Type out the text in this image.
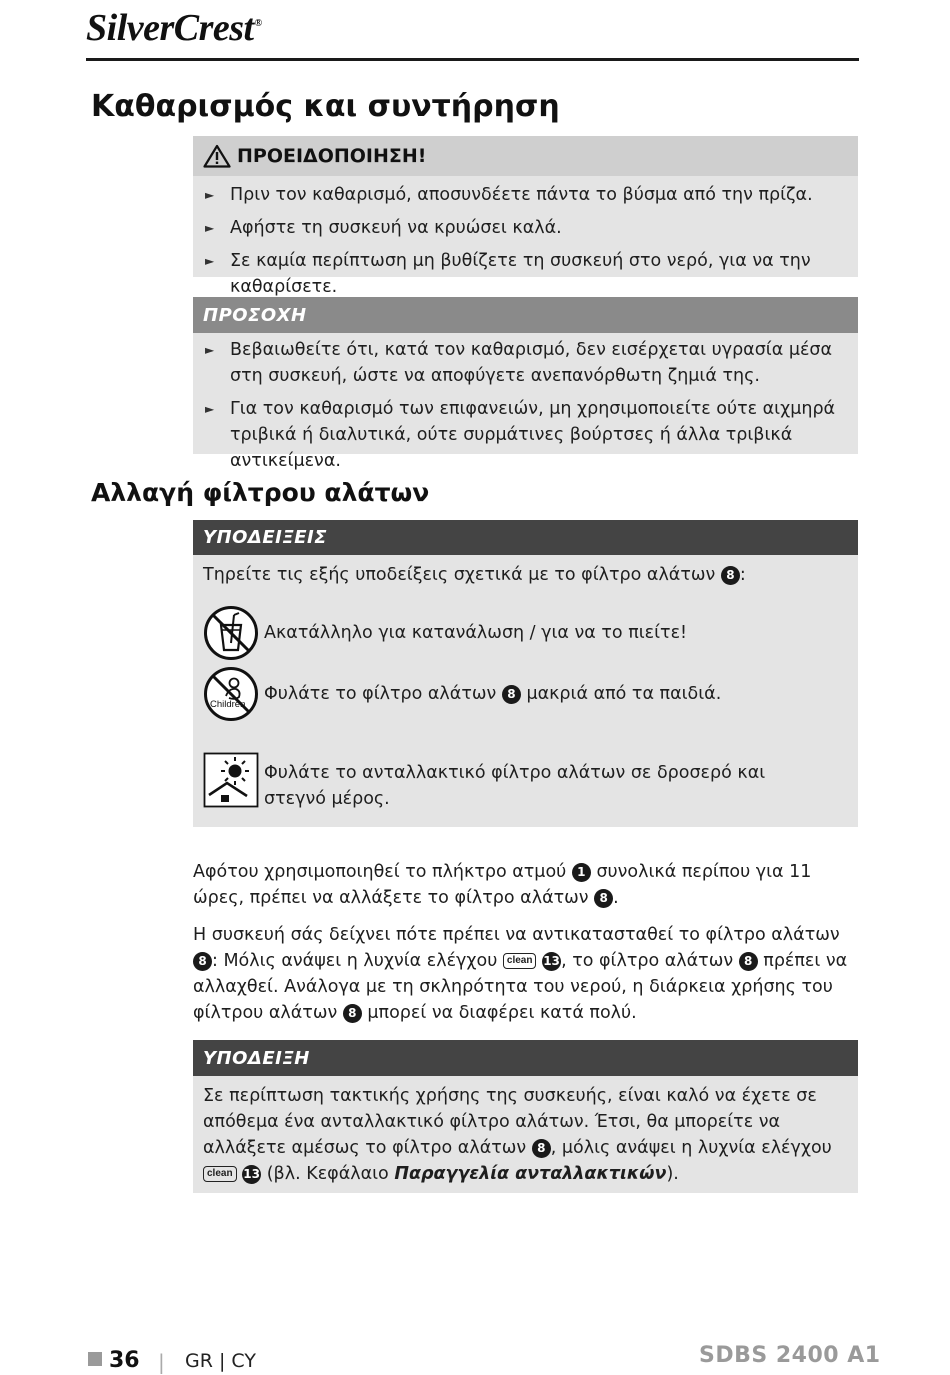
SilverCrest®
Καθαρισμός και συντήρηση
ΠΡΟΕΙΔΟΠΟΙΗΣΗ!
► Πριν τον καθαρισμό, αποσυνδέετε πάντα το βύσμα από την πρίζα.
► Αφήστε τη συσκευή να κρυώσει καλά.
► Σε καμία περίπτωση μη βυθίζετε τη συσκευή στο νερό, για να την καθαρίσετε.
ΠΡΟΣΟΧΗ
► Βεβαιωθείτε ότι, κατά τον καθαρισμό, δεν εισέρχεται υγρασία μέσα στη συσκευή, ώστε να αποφύγετε ανεπανόρθωτη ζημιά της.
► Για τον καθαρισμό των επιφανειών, μη χρησιμοποιείτε ούτε αιχμηρά τριβικά ή διαλυτικά, ούτε συρμάτινες βούρτσες ή άλλα τριβικά αντικείμενα.
Αλλαγή φίλτρου αλάτων
ΥΠΟΔΕΙΞΕΙΣ

Τηρείτε τις εξής υποδείξεις σχετικά με το φίλτρο αλάτων 8 :

Ακατάλληλο για κατανάλωση / για να το πιείτε!
Children
Φυλάτε το φίλτρο αλάτων 8 μακριά από τα παιδιά.
Φυλάτε το ανταλλακτικό φίλτρο αλάτων σε δροσερό και στεγνό μέρος.

Αφότου χρησιμοποιηθεί το πλήκτρο ατμού 1 συνολικά περίπου για 11 ώρες, πρέπει να αλλάξετε το φίλτρο αλάτων 8 .

Η συσκευή σάς δείχνει πότε πρέπει να αντικατασταθεί το φίλτρο αλάτων 8 : Μόλις ανάψει η λυχνία ελέγχου clean 13, το φίλτρο αλάτων 8 πρέπει να αλλαχθεί. Ανάλογα με τη σκληρότητα του νερού, η διάρκεια χρήσης του φίλτρου αλάτων 8 μπορεί να διαφέρει κατά πολύ.

ΥΠΟΔΕΙΞΗ

Σε περίπτωση τακτικής χρήσης της συσκευής, είναι καλό να έχετε σε απόθεμα ένα ανταλλακτικό φίλτρο αλάτων. Έτσι, θα μπορείτε να αλλάξετε αμέσως το φίλτρο αλάτων 8 , μόλις ανάψει η λυχνία ελέγχου clean 13 (βλ. Κεφάλαιο Παραγγελία ανταλλακτικών).

36 | GR | CY	SDBS 2400 A1
